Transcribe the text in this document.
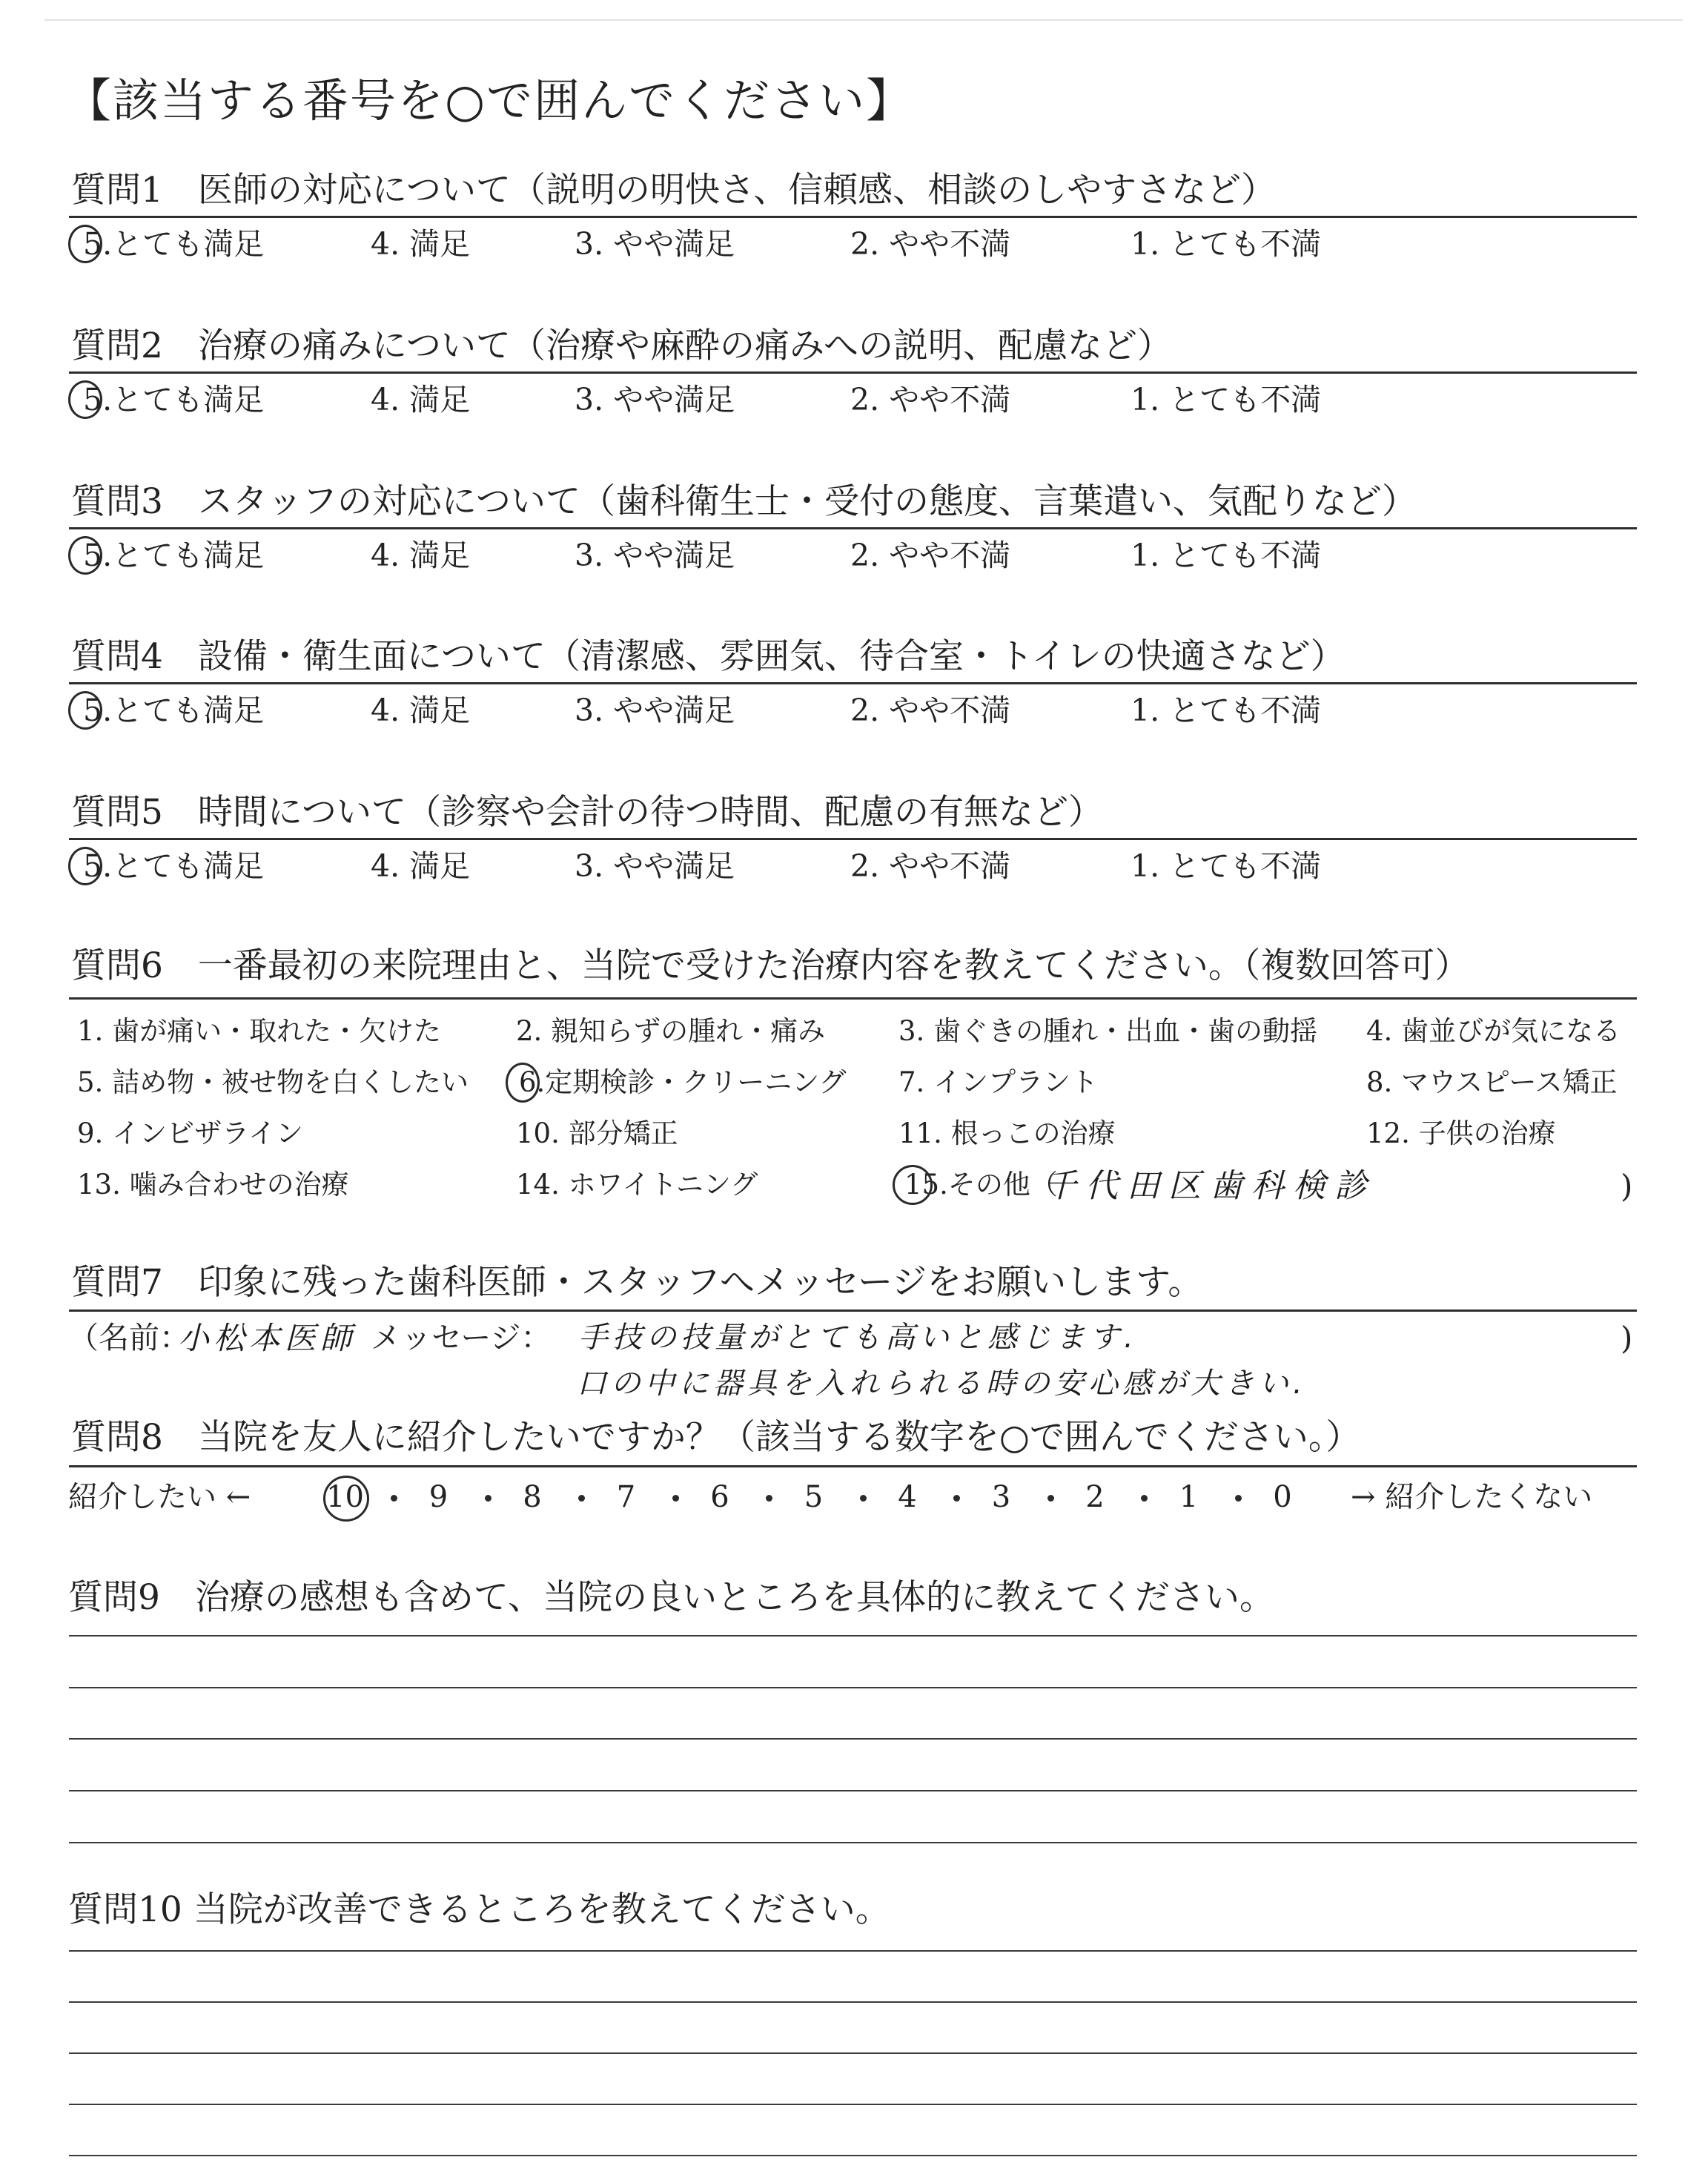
【該当する番号を○で囲んでください】
質問1　医師の対応について（説明の明快さ、信頼感、相談のしやすさなど）
5.とても満足	4. 満足	3. やや満足	2. やや不満	1. とても不満
質問2　治療の痛みについて（治療や麻酔の痛みへの説明、配慮など）
5.とても満足	4. 満足	3. やや満足	2. やや不満	1. とても不満
質問3　スタッフの対応について（歯科衛生士・受付の態度、言葉遣い、気配りなど）
5.とても満足	4. 満足	3. やや満足	2. やや不満	1. とても不満
質問4　設備・衛生面について（清潔感、雰囲気、待合室・トイレの快適さなど）
5.とても満足	4. 満足	3. やや満足	2. やや不満	1. とても不満
質問5　時間について（診察や会計の待つ時間、配慮の有無など）
5.とても満足	4. 満足	3. やや満足	2. やや不満	1. とても不満
質問6　一番最初の来院理由と、当院で受けた治療内容を教えてください。（複数回答可）
1. 歯が痛い・取れた・欠けた	2. 親知らずの腫れ・痛み	3. 歯ぐきの腫れ・出血・歯の動揺 4. 歯並びが気になる
5. 詰め物・被せ物を白くしたい 6.定期検診・クリーニング 7. インプラント	8. マウスピース矯正
9. インビザライン	10. 部分矯正	11. 根っこの治療	12. 子供の治療
13. 噛み合わせの治療	14. ホワイトニング	15.その他（	)
千代田区歯科検診
質問7　印象に残った歯科医師・スタッフへメッセージをお願いします。
（名前：
小松本医師 メッセージ： 手技の技量がとても高いと感じます.
口の中に器具を入れられる時の安心感が大きい.
)
質問8　当院を友人に紹介したいですか？（該当する数字を○で囲んでください。）
紹介したい ←	→ 紹介したくない
10	9	8	7	6	5	4	3	2	1	0
質問9　治療の感想も含めて、当院の良いところを具体的に教えてください。
質問10 当院が改善できるところを教えてください。
